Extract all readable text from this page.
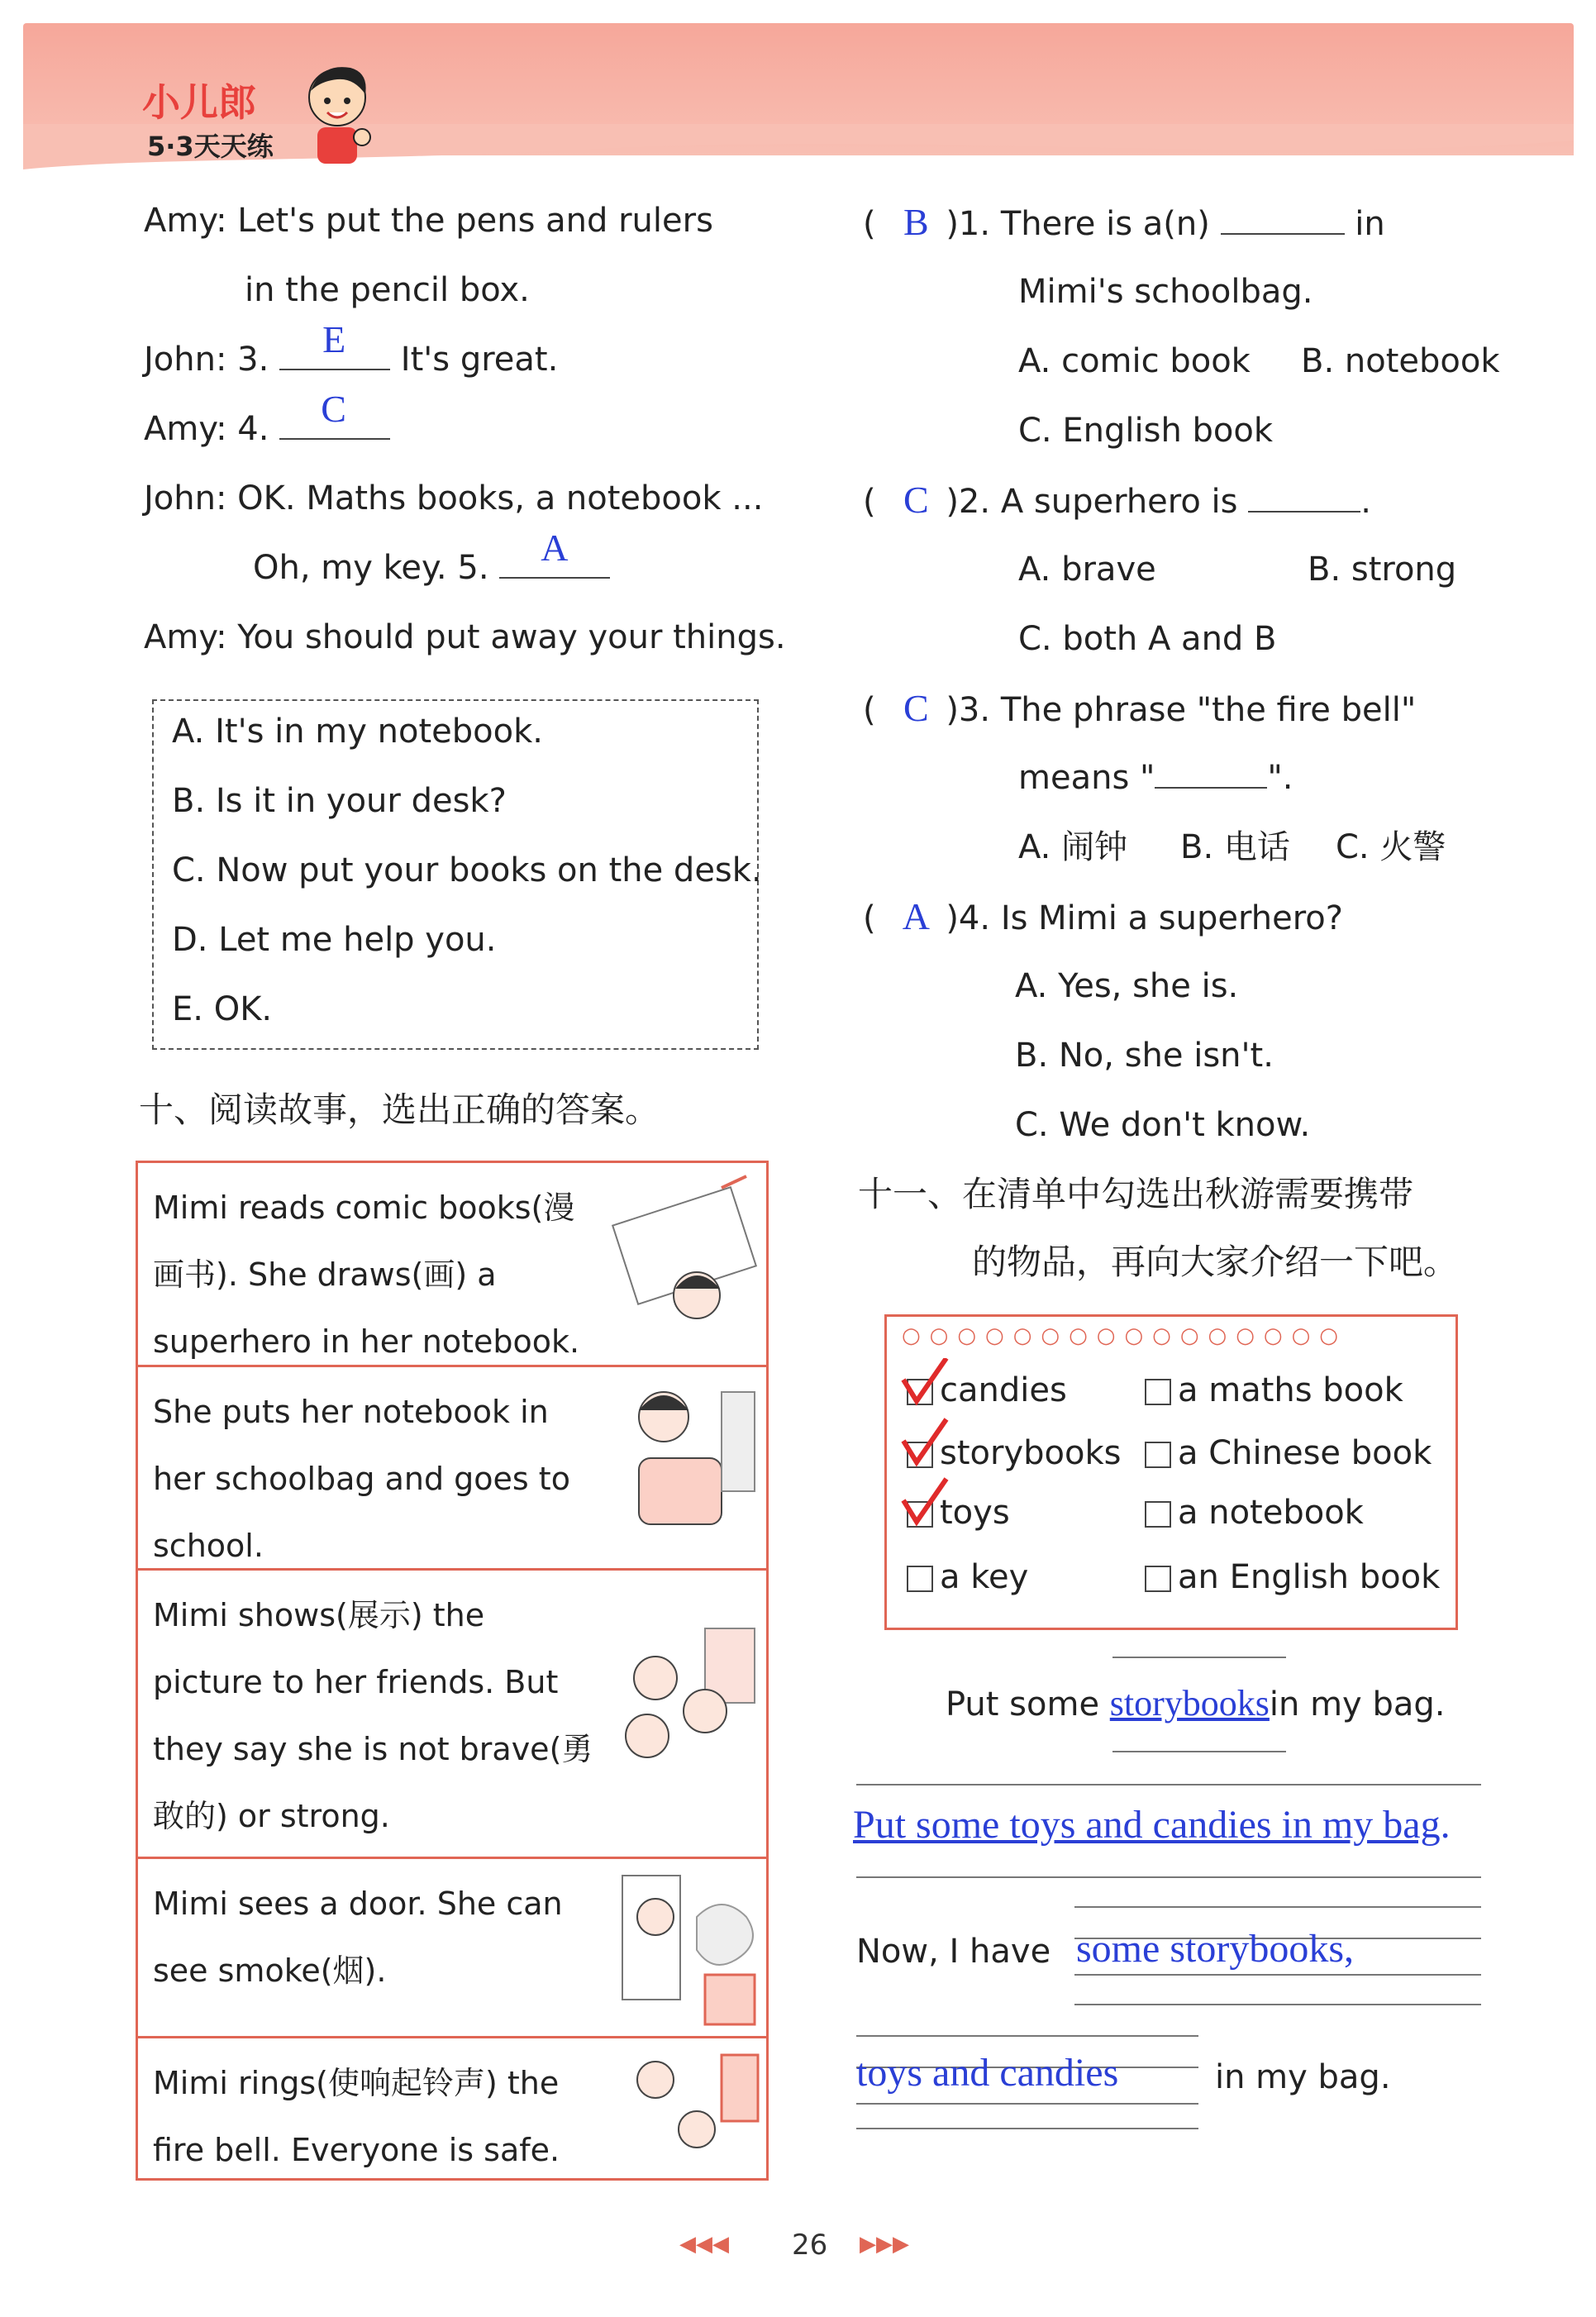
小儿郎
5·3天天练
Amy: Let's put the pens and rulers
in the pencil box.
John: 3. E It's great.
Amy: 4. C
John: OK. Maths books, a notebook ...
Oh, my key. 5. A
Amy: You should put away your things.
A. It's in my notebook.
B. Is it in your desk?
C. Now put your books on the desk.
D. Let me help you.
E. OK.
十、阅读故事，选出正确的答案。
Mimi reads comic books(漫画书). She draws(画) a superhero in her notebook.
She puts her notebook in her schoolbag and goes to school.
Mimi shows(展示) the picture to her friends. But they say she is not brave(勇敢的) or strong.
Mimi sees a door. She can see smoke(烟).
Mimi rings(使响起铃声) the fire bell. Everyone is safe.
( B )1. There is a(n)	in
Mimi's schoolbag.
A. comic book B. notebook
C. English book
( C )2. A superhero is	.
A. brave	B. strong
C. both A and B
( C )3. The phrase "the fire bell"
means "	".
A. 闹钟 B. 电话 C. 火警
( A )4. Is Mimi a superhero?
A. Yes, she is.
B. No, she isn't.
C. We don't know.
十一、在清单中勾选出秋游需要携带
的物品，再向大家介绍一下吧。
○○○○○○○○○○○○○○○○
candies	a maths book
storybooks	a Chinese book
toys	a notebook
a key	an English book
Put some storybooksin my bag.
Put some toys and candies in my bag.
Now, I have some storybooks,
toys and candies	in my bag.
◀◀◀ 26 ▶▶▶
